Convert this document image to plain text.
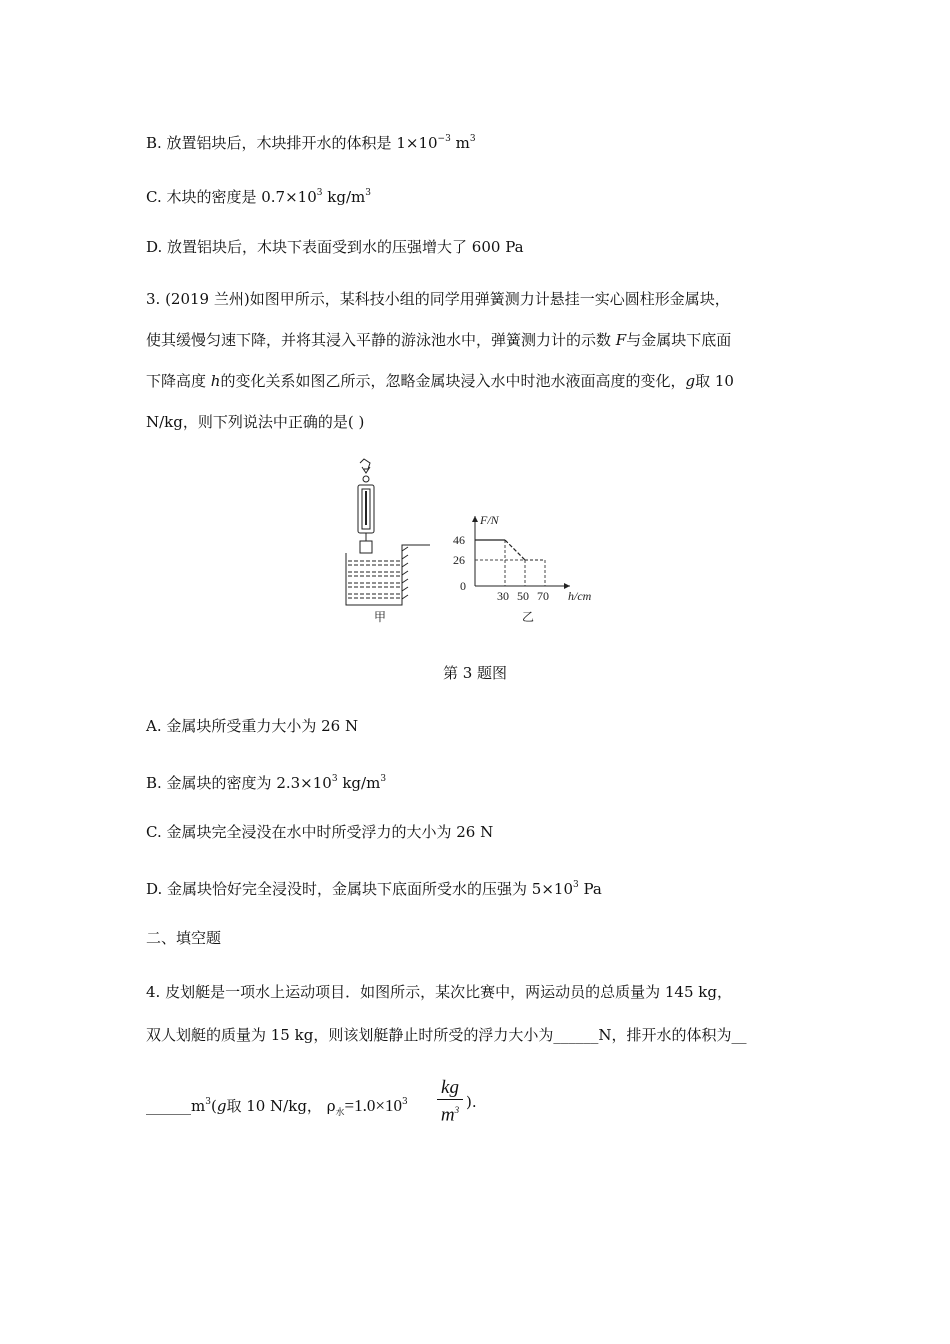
B. 放置铝块后，木块排开水的体积是 $1\times 10^{-3}$ $m^3$
C. 木块的密度是 $0.7\times 10^3$ $kg/m^3$
D. 放置铝块后，木块下表面受到水的压强增大了 600 Pa
3. (2019 兰州)如图甲所示，某科技小组的同学用弹簧测力计悬挂一实心圆柱形金属块，
使其缓慢匀速下降，并将其浸入平静的游泳池水中，弹簧测力计的示数 F与金属块下底面
下降高度 h的变化关系如图乙所示，忽略金属块浸入水中时池水液面高度的变化，g取 10
N/kg，则下列说法中正确的是( )
甲
0
46
26
30 50 70
F/N
h/cm
乙
第 3 题图
A. 金属块所受重力大小为 26 N
B. 金属块的密度为 $2.3\times 10^3$ $kg/m^3$
C. 金属块完全浸没在水中时所受浮力的大小为 26 N
D. 金属块恰好完全浸没时，金属块下底面所受水的压强为 $5\times 10^3$ Pa
二、填空题
4. 皮划艇是一项水上运动项目．如图所示，某次比赛中，两运动员的总质量为 145 kg，
双人划艇的质量为 15 kg，则该划艇静止时所受的浮力大小为______N，排开水的体积为__
$\_\_\_\_\_\_m^3(g$取 10 N/kg， $\rho_水=1.0\times 10^3$
kg
$m^3$ ).
